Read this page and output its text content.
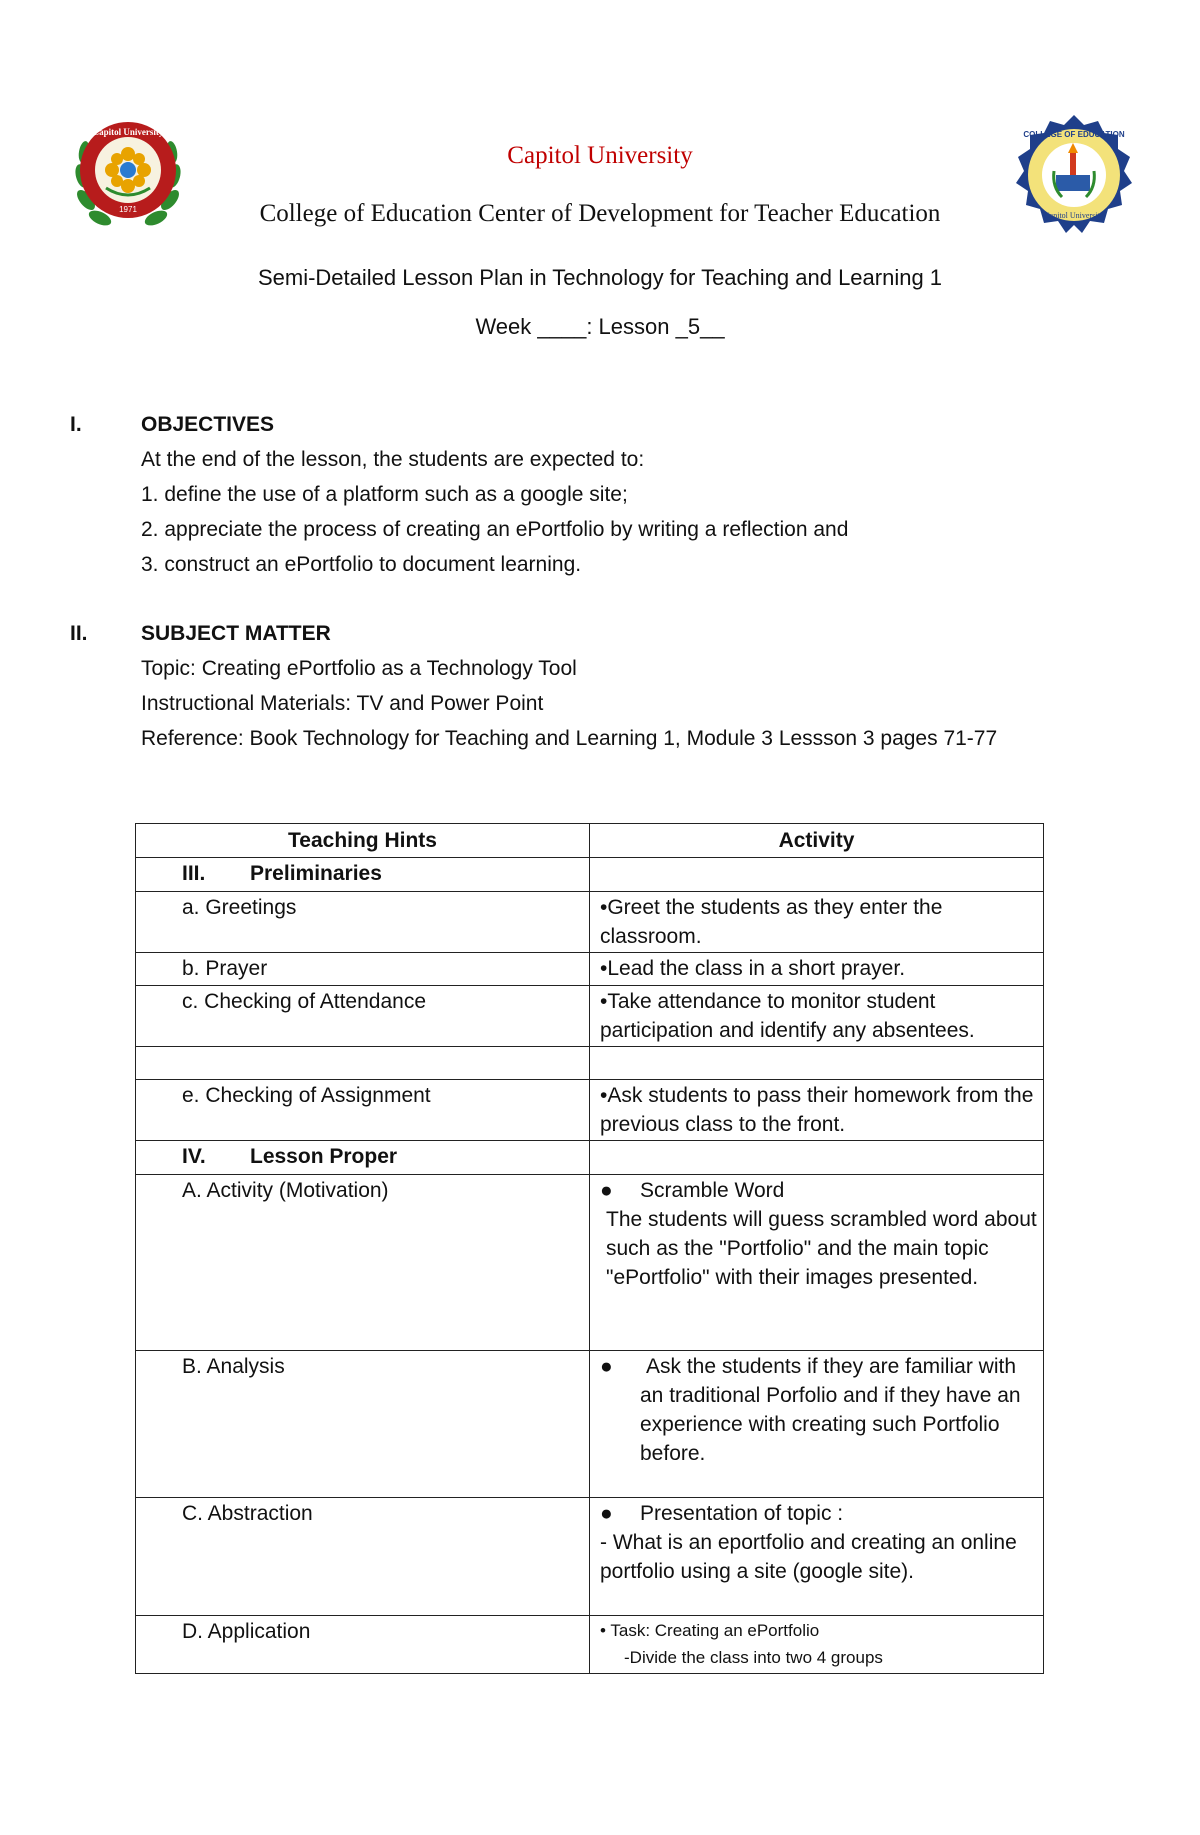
Capitol University
1971
COLLEGE OF EDUCATION
Capitol University
Capitol University
College of Education Center of Development for Teacher Education
Semi-Detailed Lesson Plan in Technology for Teaching and Learning 1
Week ____: Lesson _5__
I.	OBJECTIVES
At the end of the lesson, the students are expected to:
1. define the use of a platform such as a google site;
2. appreciate the process of creating an ePortfolio by writing a reflection and
3. construct an ePortfolio to document learning.
II.	SUBJECT MATTER
Topic: Creating ePortfolio as a Technology Tool
Instructional Materials: TV and Power Point
Reference: Book Technology for Teaching and Learning 1, Module 3 Lessson 3 pages 71-77
Teaching Hints	Activity
III. Preliminaries	
a. Greetings	•Greet the students as they enter the classroom.
b. Prayer	•Lead the class in a short prayer.
c. Checking of Attendance	•Take attendance to monitor student participation and identify any absentees.

e. Checking of Assignment	•Ask students to pass their homework from the previous class to the front.
IV. Lesson Proper	
A. Activity (Motivation)	● Scramble Word
The students will guess scrambled word about such as the "Portfolio" and the main topic "ePortfolio" with their images presented.

B. Analysis	● Ask the students if they are familiar with an traditional Porfolio and if they have an experience with creating such Portfolio before.

C. Abstraction	● Presentation of topic :
- What is an eportfolio and creating an online portfolio using a site (google site).

D. Application	• Task: Creating an ePortfolio
-Divide the class into two 4 groups
